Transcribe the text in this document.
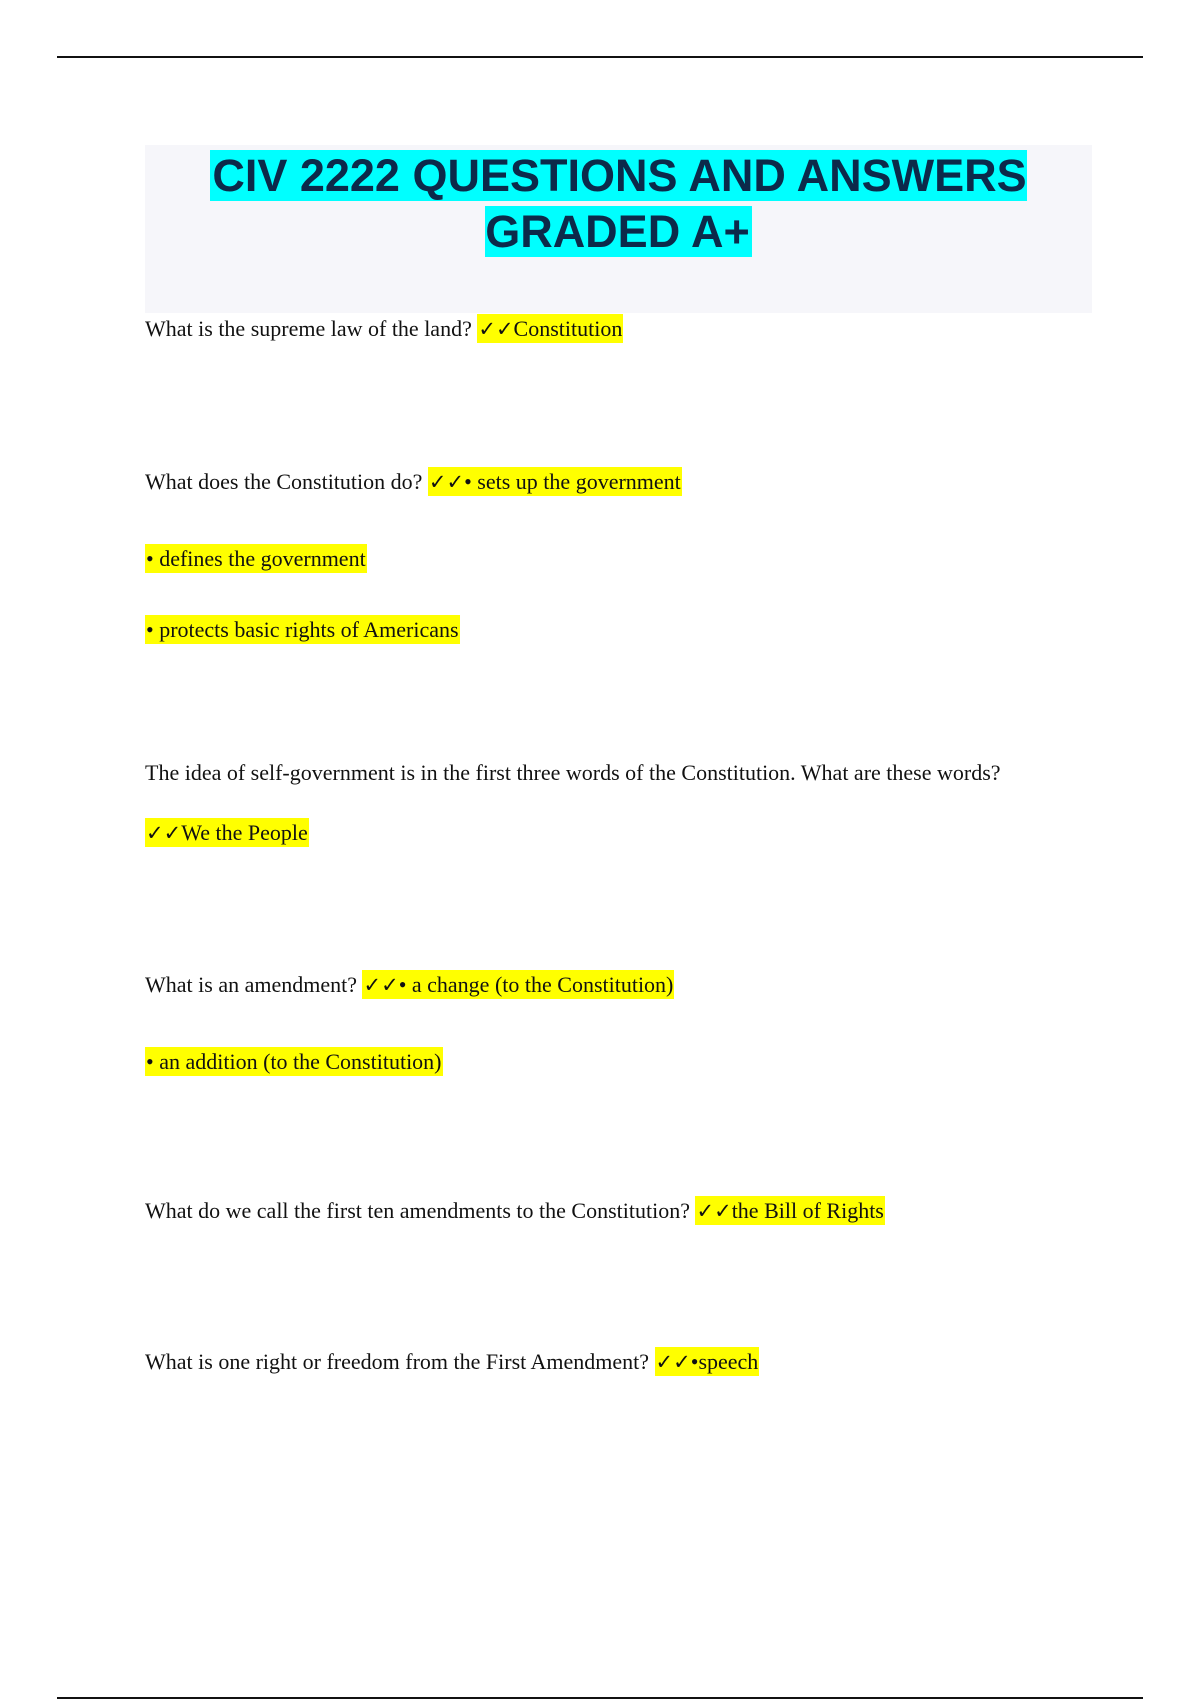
CIV 2222 QUESTIONS AND ANSWERS GRADED A+
What is the supreme law of the land? ✓✓Constitution
What does the Constitution do? ✓✓• sets up the government
• defines the government
• protects basic rights of Americans
The idea of self-government is in the first three words of the Constitution. What are these words?
✓✓We the People
What is an amendment? ✓✓• a change (to the Constitution)
• an addition (to the Constitution)
What do we call the first ten amendments to the Constitution? ✓✓the Bill of Rights
What is one right or freedom from the First Amendment? ✓✓•speech
